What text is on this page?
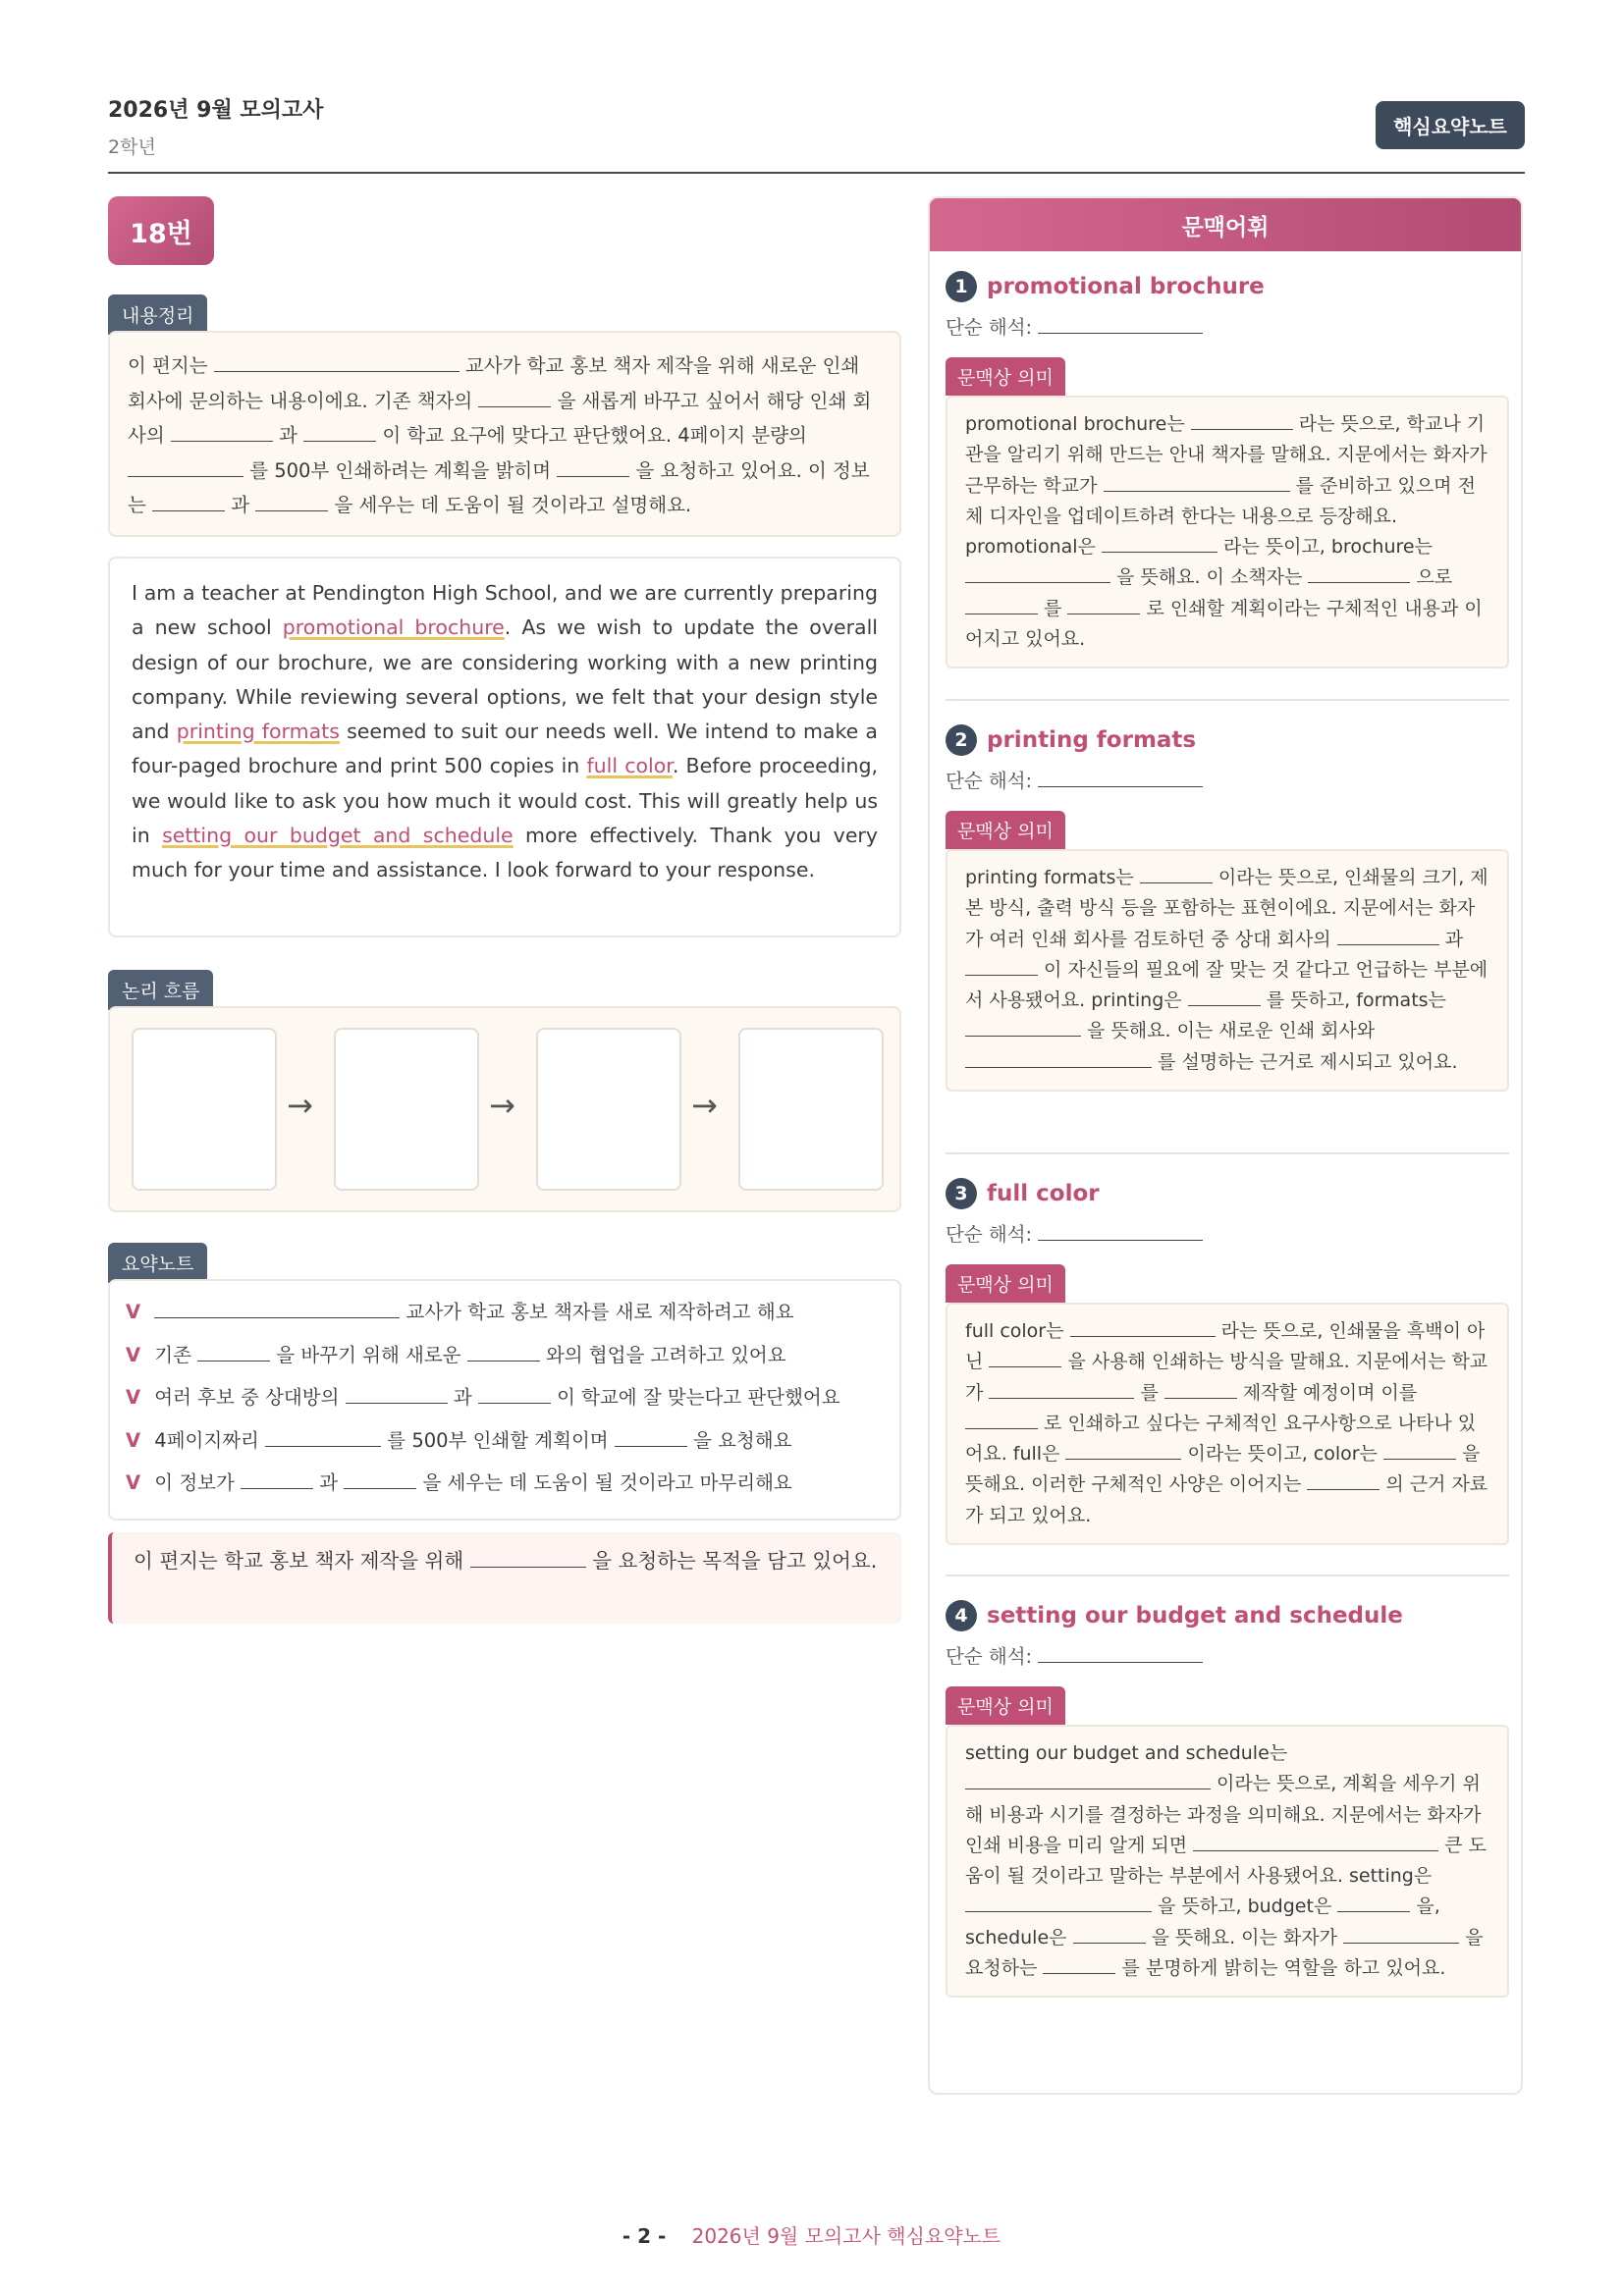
2026년 9월 모의고사
2학년
핵심요약노트
18번
내용정리
이 편지는	교사가 학교 홍보 책자 제작을 위해 새로운 인쇄 회사에 문의하는 내용이에요. 기존 책자의	을 새롭게 바꾸고 싶어서 해당 인쇄 회사의	과	이 학교 요구에 맞다고 판단했어요. 4페이지 분량의  를 500부 인쇄하려는 계획을 밝히며	을 요청하고 있어요. 이 정보는	과	을 세우는 데 도움이 될 것이라고 설명해요.
I am a teacher at Pendington High School, and we are currently preparing a new school promotional brochure. As we wish to update the overall design of our brochure, we are considering working with a new printing company. While reviewing several options, we felt that your design style and printing formats seemed to suit our needs well. We intend to make a four-paged brochure and print 500 copies in full color. Before proceeding, we would like to ask you how much it would cost. This will greatly help us in setting our budget and schedule more effectively. Thank you very much for your time and assistance. I look forward to your response.
논리 흐름
→	→	→
요약노트
V	교사가 학교 홍보 책자를 새로 제작하려고 해요
V 기존	을 바꾸기 위해 새로운	와의 협업을 고려하고 있어요
V 여러 후보 중 상대방의	과	이 학교에 잘 맞는다고 판단했어요
V 4페이지짜리	를 500부 인쇄할 계획이며	을 요청해요
V 이 정보가	과	을 세우는 데 도움이 될 것이라고 마무리해요
이 편지는 학교 홍보 책자 제작을 위해	을 요청하는 목적을 담고 있어요.
문맥어휘
1 promotional brochure
단순 해석:
문맥상 의미
promotional brochure는	라는 뜻으로, 학교나 기관을 알리기 위해 만드는 안내 책자를 말해요. 지문에서는 화자가 근무하는 학교가	를 준비하고 있으며 전체 디자인을 업데이트하려 한다는 내용으로 등장해요. promotional은	라는 뜻이고, brochure는  을 뜻해요. 이 소책자는	으로  를	로 인쇄할 계획이라는 구체적인 내용과 이어지고 있어요.
2 printing formats
단순 해석:
문맥상 의미
printing formats는	이라는 뜻으로, 인쇄물의 크기, 제본 방식, 출력 방식 등을 포함하는 표현이에요. 지문에서는 화자가 여러 인쇄 회사를 검토하던 중 상대 회사의	과  이 자신들의 필요에 잘 맞는 것 같다고 언급하는 부분에서 사용됐어요. printing은	를 뜻하고, formats는  을 뜻해요. 이는 새로운 인쇄 회사와  를 설명하는 근거로 제시되고 있어요.
3 full color
단순 해석:
문맥상 의미
full color는	라는 뜻으로, 인쇄물을 흑백이 아닌	을 사용해 인쇄하는 방식을 말해요. 지문에서는 학교가	를	제작할 예정이며 이를  로 인쇄하고 싶다는 구체적인 요구사항으로 나타나 있어요. full은	이라는 뜻이고, color는	을 뜻해요. 이러한 구체적인 사양은 이어지는	의 근거 자료가 되고 있어요.
4 setting our budget and schedule
단순 해석:
문맥상 의미
setting our budget and schedule는  이라는 뜻으로, 계획을 세우기 위해 비용과 시기를 결정하는 과정을 의미해요. 지문에서는 화자가 인쇄 비용을 미리 알게 되면	큰 도움이 될 것이라고 말하는 부분에서 사용됐어요. setting은  을 뜻하고, budget은	을, schedule은	을 뜻해요. 이는 화자가	을 요청하는	를 분명하게 밝히는 역할을 하고 있어요.
- 2 - 2026년 9월 모의고사 핵심요약노트
